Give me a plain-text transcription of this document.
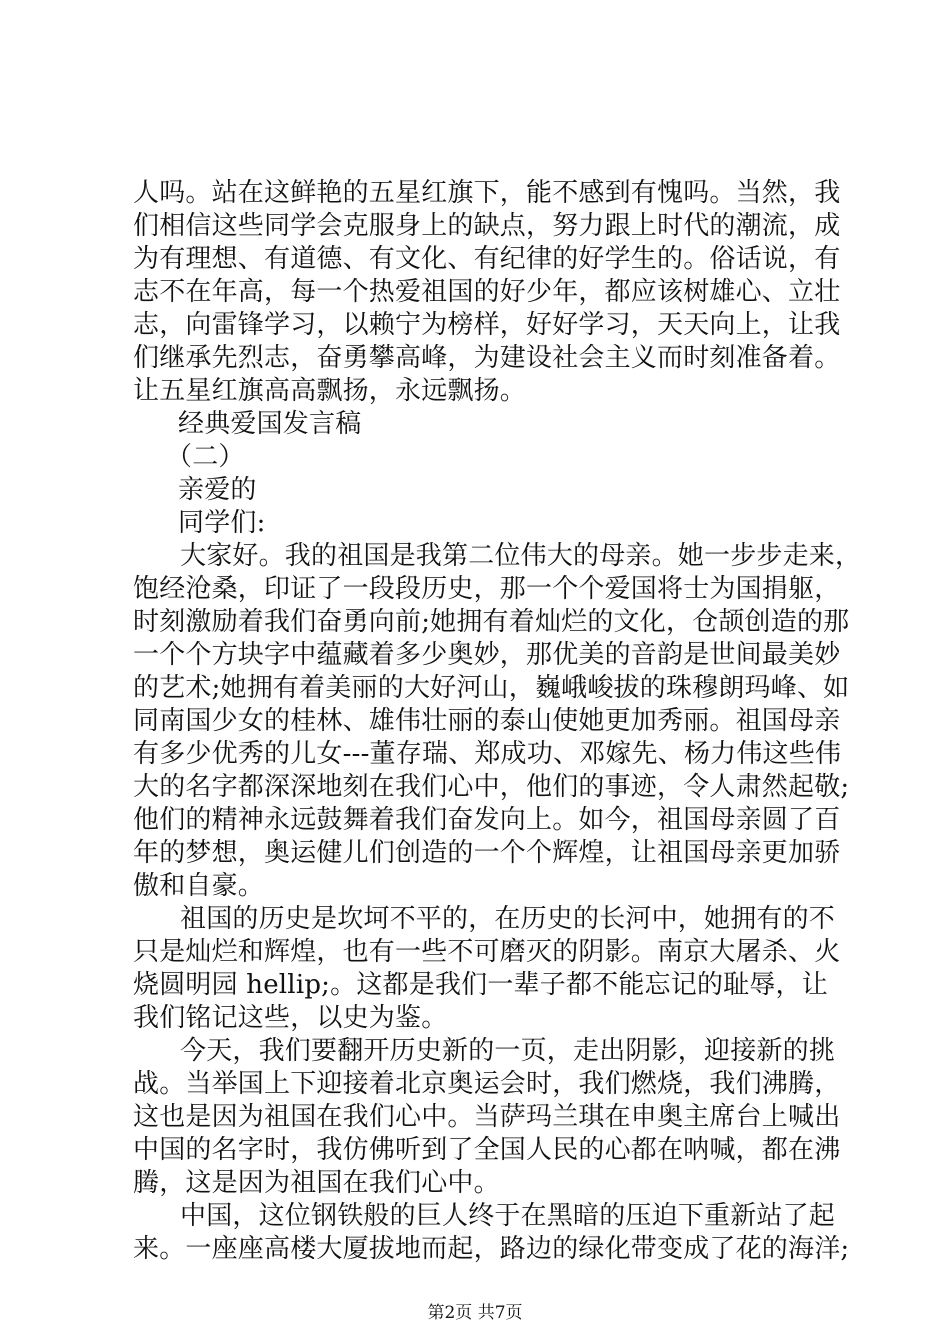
人吗。站在这鲜艳的五星红旗下，能不感到有愧吗。当然，我
们相信这些同学会克服身上的缺点，努力跟上时代的潮流，成
为有理想、有道德、有文化、有纪律的好学生的。俗话说，有
志不在年高，每一个热爱祖国的好少年，都应该树雄心、立壮
志，向雷锋学习，以赖宁为榜样，好好学习，天天向上，让我
们继承先烈志，奋勇攀高峰，为建设社会主义而时刻准备着。
让五星红旗高高飘扬，永远飘扬。
经典爱国发言稿
（二）
亲爱的
同学们:
大家好。我的祖国是我第二位伟大的母亲。她一步步走来，
饱经沧桑，印证了一段段历史，那一个个爱国将士为国捐躯，
时刻激励着我们奋勇向前;她拥有着灿烂的文化，仓颉创造的那
一个个方块字中蕴藏着多少奥妙，那优美的音韵是世间最美妙
的艺术;她拥有着美丽的大好河山，巍峨峻拔的珠穆朗玛峰、如
同南国少女的桂林、雄伟壮丽的泰山使她更加秀丽。祖国母亲
有多少优秀的儿女---董存瑞、郑成功、邓嫁先、杨力伟这些伟
大的名字都深深地刻在我们心中，他们的事迹，令人肃然起敬;
他们的精神永远鼓舞着我们奋发向上。如今，祖国母亲圆了百
年的梦想，奥运健儿们创造的一个个辉煌，让祖国母亲更加骄
傲和自豪。
祖国的历史是坎坷不平的，在历史的长河中，她拥有的不
只是灿烂和辉煌，也有一些不可磨灭的阴影。南京大屠杀、火
烧圆明园 hellip;。这都是我们一辈子都不能忘记的耻辱，让
我们铭记这些，以史为鉴。
今天，我们要翻开历史新的一页，走出阴影，迎接新的挑
战。当举国上下迎接着北京奥运会时，我们燃烧，我们沸腾，
这也是因为祖国在我们心中。当萨玛兰琪在申奥主席台上喊出
中国的名字时，我仿佛听到了全国人民的心都在呐喊，都在沸
腾，这是因为祖国在我们心中。
中国，这位钢铁般的巨人终于在黑暗的压迫下重新站了起
来。一座座高楼大厦拔地而起，路边的绿化带变成了花的海洋;
第2页 共7页
